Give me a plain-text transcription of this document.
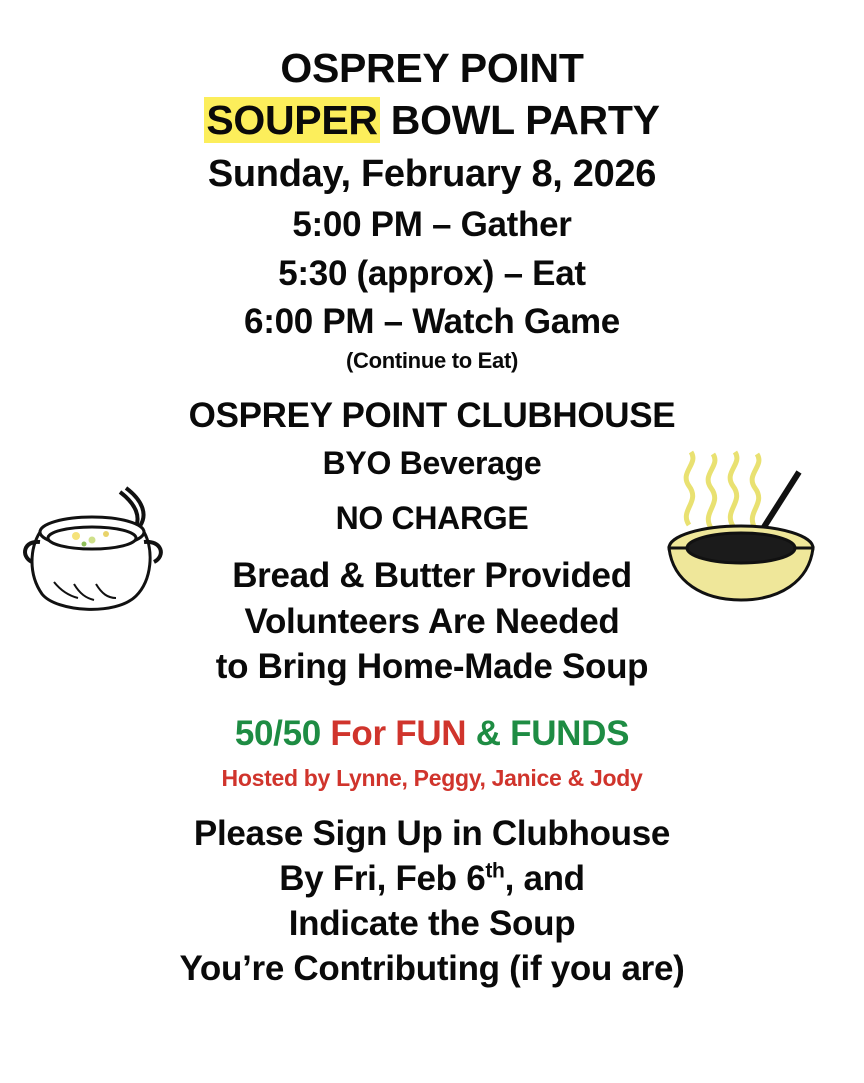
OSPREY POINT
SOUPER BOWL PARTY
Sunday, February 8, 2026
5:00 PM – Gather
5:30 (approx) – Eat
6:00 PM – Watch Game
(Continue to Eat)
OSPREY POINT CLUBHOUSE
BYO Beverage
NO CHARGE
Bread & Butter Provided
Volunteers Are Needed
to Bring Home-Made Soup
50/50 For FUN & FUNDS
Hosted by Lynne, Peggy, Janice & Jody
Please Sign Up in Clubhouse
By Fri, Feb 6th, and
Indicate the Soup
You’re Contributing (if you are)
